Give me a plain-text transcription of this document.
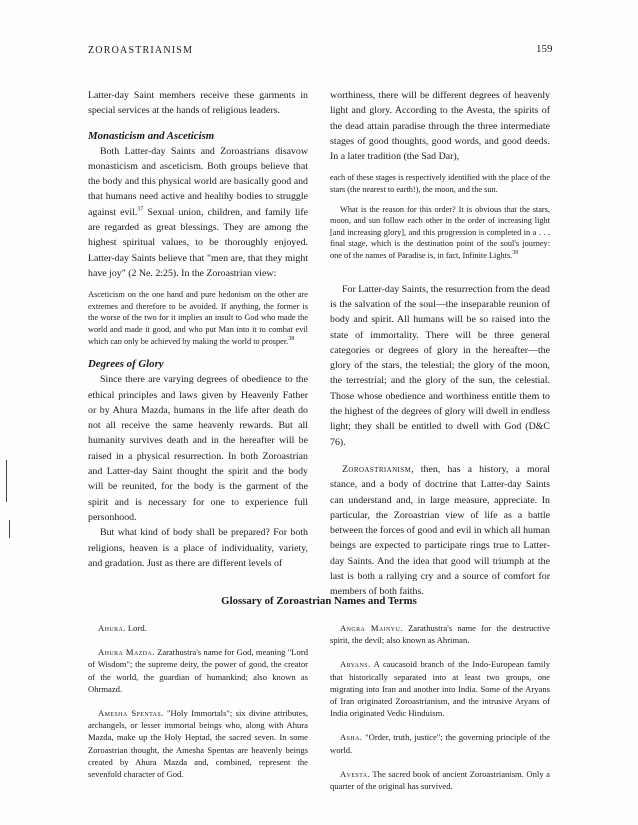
ZOROASTRIANISM	159

Latter-day Saint members receive these garments in special services at the hands of religious leaders.

Monasticism and Asceticism

Both Latter-day Saints and Zoroastrians disavow monasticism and asceticism. Both groups believe that the body and this physical world are basically good and that humans need active and healthy bodies to struggle against evil.$^{37}$ Sexual union, children, and family life are regarded as great blessings. They are among the highest spiritual values, to be thoroughly enjoyed. Latter-day Saints believe that "men are, that they might have joy" (2 Ne. 2:25). In the Zoroastrian view:

Asceticism on the one hand and pure hedonism on the other are extremes and therefore to be avoided. If anything, the former is the worse of the two for it implies an insult to God who made the world and made it good, and who put Man into it to combat evil which can only be achieved by making the world to prosper.$^{38}$

Degrees of Glory

Since there are varying degrees of obedience to the ethical principles and laws given by Heavenly Father or by Ahura Mazda, humans in the life after death do not all receive the same heavenly rewards. But all humanity survives death and in the hereafter will be raised in a physical resurrection. In both Zoroastrian and Latter-day Saint thought the spirit and the body will be reunited, for the body is the garment of the spirit and is necessary for one to experience full personhood.

But what kind of body shall be prepared? For both religions, heaven is a place of individuality, variety, and gradation. Just as there are different levels of

worthiness, there will be different degrees of heavenly light and glory. According to the Avesta, the spirits of the dead attain paradise through the three intermediate stages of good thoughts, good words, and good deeds. In a later tradition (the Sad Dar),

each of these stages is respectively identified with the place of the stars (the nearest to earth!), the moon, and the sun.

What is the reason for this order? It is obvious that the stars, moon, and sun follow each other in the order of increasing light [and increasing glory], and this progression is completed in a . . . final stage, which is the destination point of the soul's journey: one of the names of Paradise is, in fact, Infinite Lights.$^{39}$

For Latter-day Saints, the resurrection from the dead is the salvation of the soul—the inseparable reunion of body and spirit. All humans will be so raised into the state of immortality. There will be three general categories or degrees of glory in the hereafter—the glory of the stars, the telestial; the glory of the moon, the terrestrial; and the glory of the sun, the celestial. Those whose obedience and worthiness entitle them to the highest of the degrees of glory will dwell in endless light; they shall be entitled to dwell with God (D&C 76).

Zoroastrianism, then, has a history, a moral stance, and a body of doctrine that Latter-day Saints can understand and, in large measure, appreciate. In particular, the Zoroastrian view of life as a battle between the forces of good and evil in which all human beings are expected to participate rings true to Latter-day Saints. And the idea that good will triumph at the last is both a rallying cry and a source of comfort for members of both faiths.

Glossary of Zoroastrian Names and Terms

Ahura. Lord.

Ahura Mazda. Zarathustra's name for God, meaning "Lord of Wisdom"; the supreme deity, the power of good, the creator of the world, the guardian of humankind; also known as Ohrmazd.

Amesha Spentas. "Holy Immortals"; six divine attributes, archangels, or lesser immortal beings who, along with Ahura Mazda, make up the Holy Heptad, the sacred seven. In some Zoroastrian thought, the Amesha Spentas are heavenly beings created by Ahura Mazda and, combined, represent the sevenfold character of God.

Angra Mainyu. Zarathustra's name for the destructive spirit, the devil; also known as Ahriman.

Aryans. A caucasoid branch of the Indo-European family that historically separated into at least two groups, one migrating into Iran and another into India. Some of the Aryans of Iran originated Zoroastrianism, and the intrusive Aryans of India originated Vedic Hinduism.

Asha. "Order, truth, justice"; the governing principle of the world.

Avesta. The sacred book of ancient Zoroastrianism. Only a quarter of the original has survived.
